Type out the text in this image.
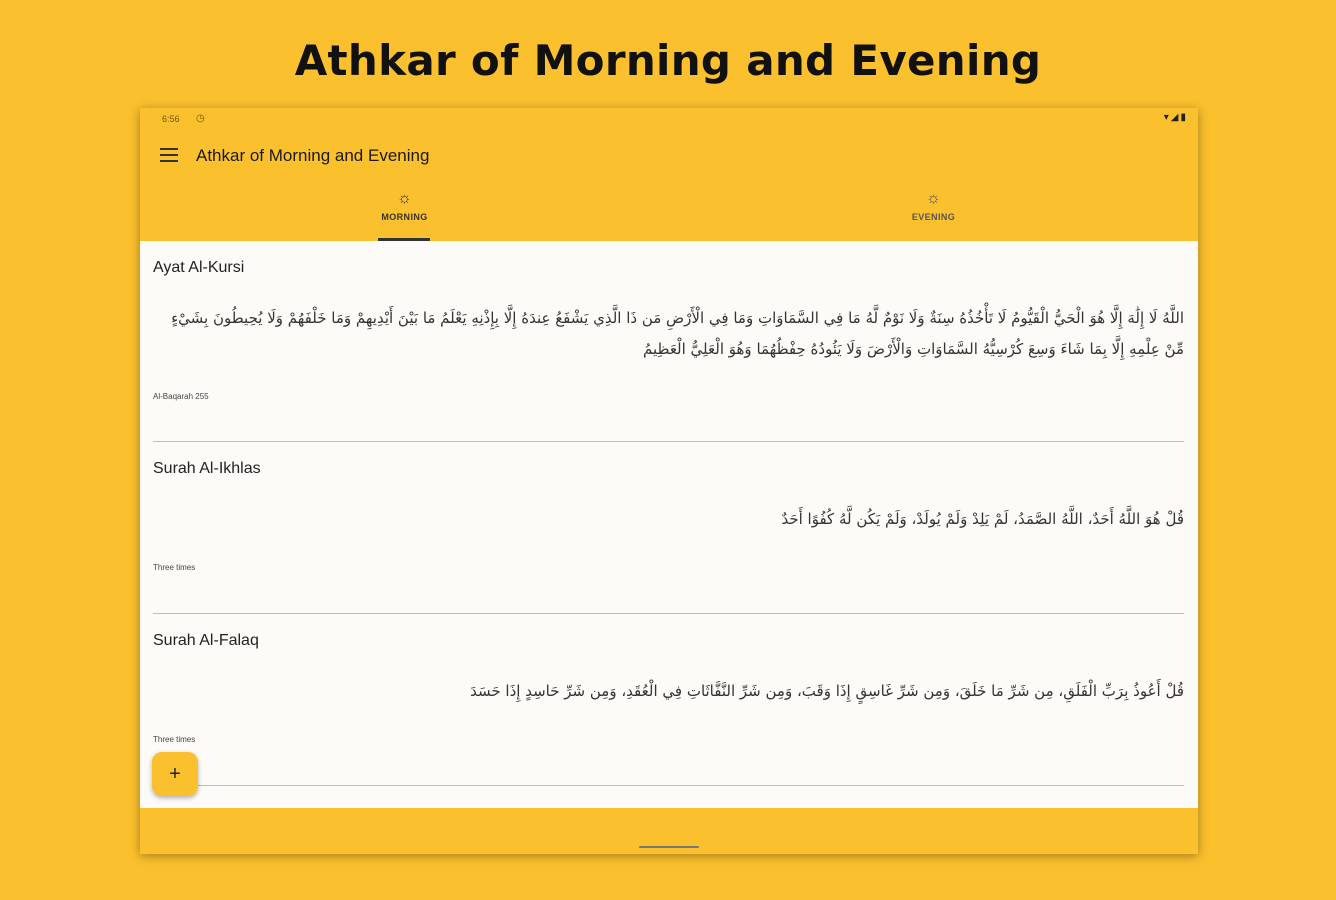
Athkar of Morning and Evening
6:56 ◷	▾◢▮
Athkar of Morning and Evening
☼
MORNING
☼
EVENING
Ayat Al-Kursi
اللَّهُ لَا إِلَٰهَ إِلَّا هُوَ الْحَيُّ الْقَيُّومُ لَا تَأْخُذُهُ سِنَةٌ وَلَا نَوْمٌ لَّهُ مَا فِي السَّمَاوَاتِ وَمَا فِي الْأَرْضِ مَن ذَا الَّذِي يَشْفَعُ عِندَهُ إِلَّا بِإِذْنِهِ يَعْلَمُ مَا بَيْنَ أَيْدِيهِمْ وَمَا خَلْفَهُمْ وَلَا يُحِيطُونَ بِشَيْءٍ مِّنْ عِلْمِهِ إِلَّا بِمَا شَاءَ وَسِعَ كُرْسِيُّهُ السَّمَاوَاتِ وَالْأَرْضَ وَلَا يَئُودُهُ حِفْظُهُمَا وَهُوَ الْعَلِيُّ الْعَظِيمُ
Al-Baqarah 255
Surah Al-Ikhlas
قُلْ هُوَ اللَّهُ أَحَدٌ، اللَّهُ الصَّمَدُ، لَمْ يَلِدْ وَلَمْ يُولَدْ، وَلَمْ يَكُن لَّهُ كُفُوًا أَحَدٌ
Three times
Surah Al-Falaq
قُلْ أَعُوذُ بِرَبِّ الْفَلَقِ، مِن شَرِّ مَا خَلَقَ، وَمِن شَرِّ غَاسِقٍ إِذَا وَقَبَ، وَمِن شَرِّ النَّفَّاثَاتِ فِي الْعُقَدِ، وَمِن شَرِّ حَاسِدٍ إِذَا حَسَدَ
Three times
+
